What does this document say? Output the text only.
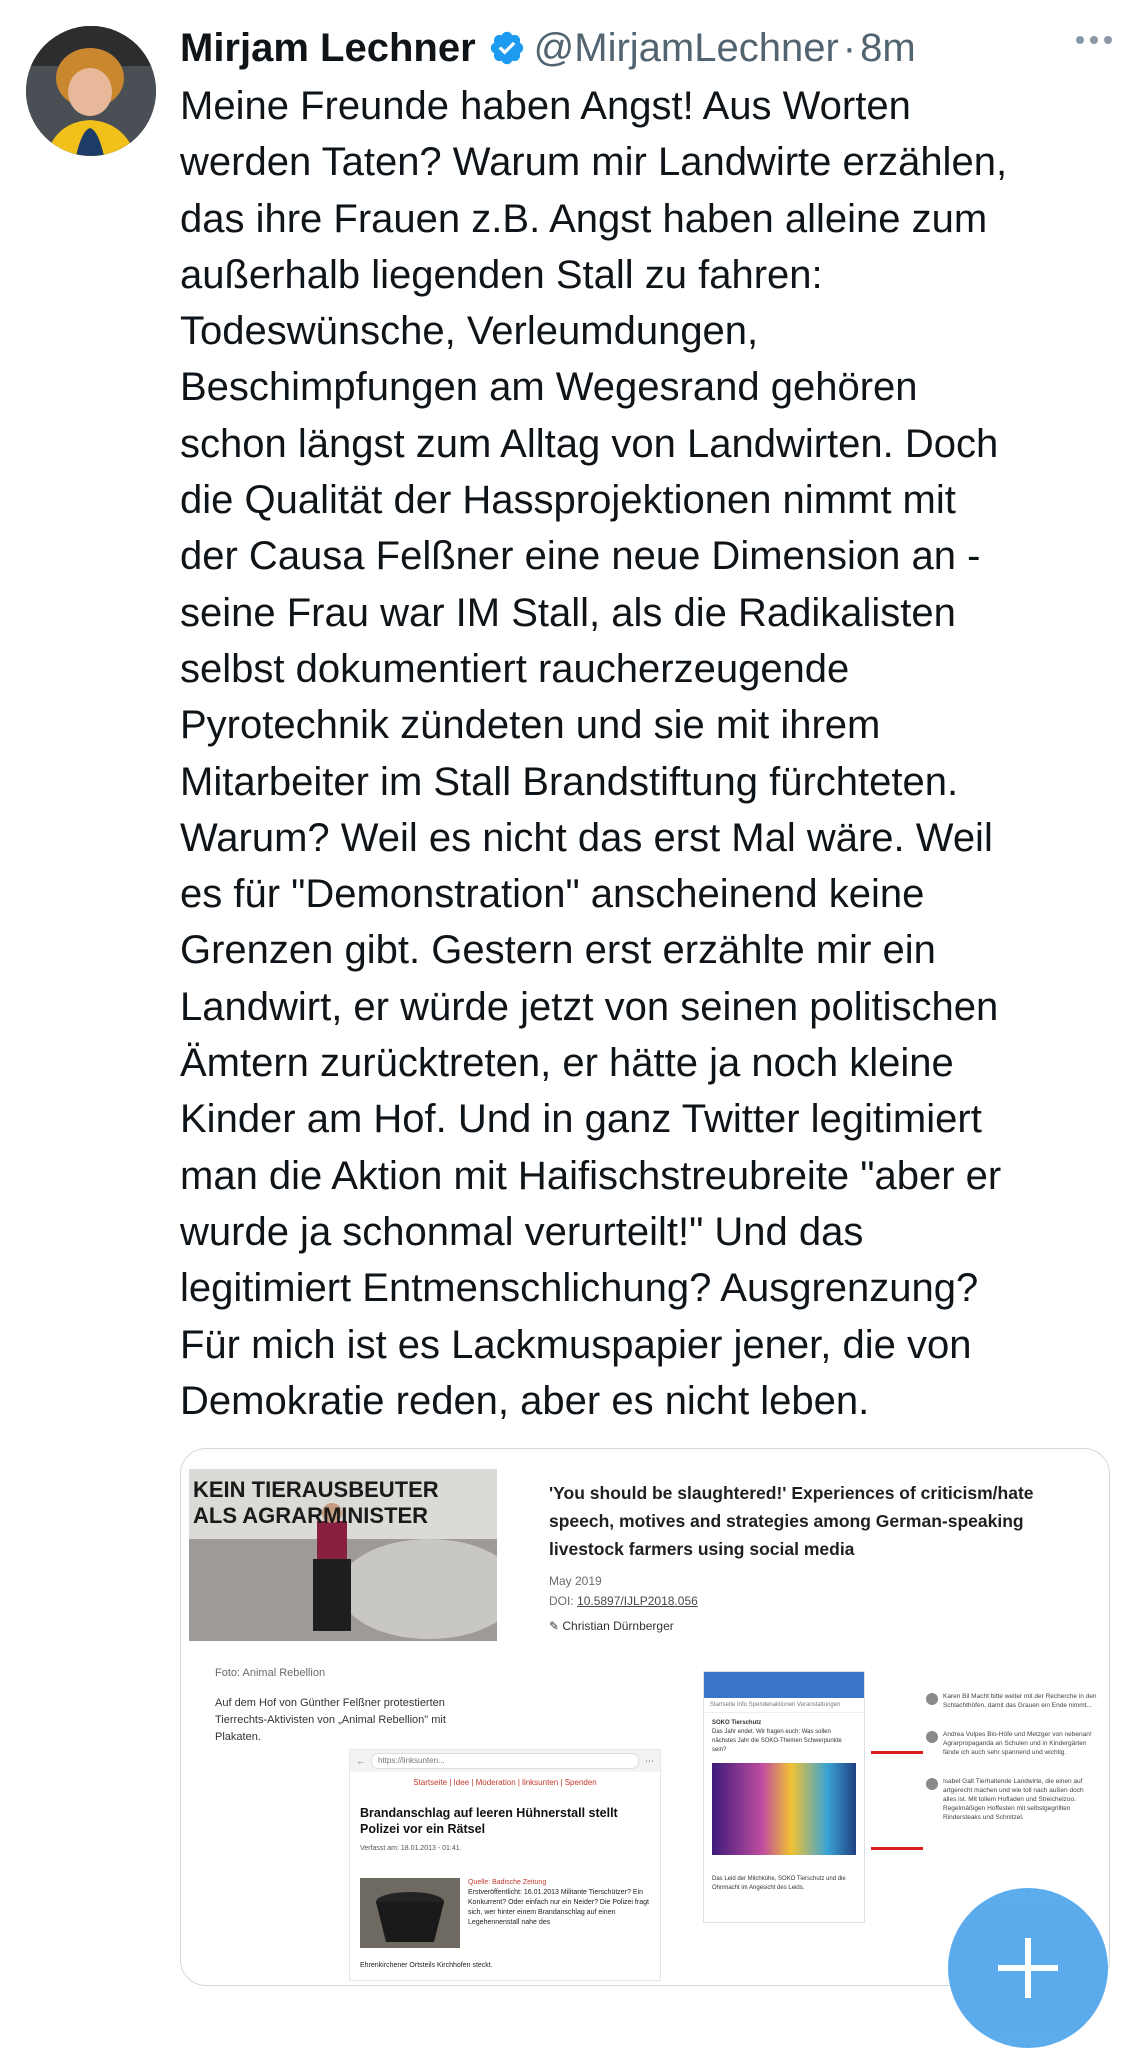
Mirjam Lechner @MirjamLechner · 8m
Meine Freunde haben Angst! Aus Worten
werden Taten? Warum mir Landwirte erzählen,
das ihre Frauen z.B. Angst haben alleine zum
außerhalb liegenden Stall zu fahren:
Todeswünsche, Verleumdungen,
Beschimpfungen am Wegesrand gehören
schon längst zum Alltag von Landwirten. Doch
die Qualität der Hassprojektionen nimmt mit
der Causa Felßner eine neue Dimension an -
seine Frau war IM Stall, als die Radikalisten
selbst dokumentiert raucherzeugende
Pyrotechnik zündeten und sie mit ihrem
Mitarbeiter im Stall Brandstiftung fürchteten.
Warum? Weil es nicht das erst Mal wäre. Weil
es für "Demonstration" anscheinend keine
Grenzen gibt. Gestern erst erzählte mir ein
Landwirt, er würde jetzt von seinen politischen
Ämtern zurücktreten, er hätte ja noch kleine
Kinder am Hof. Und in ganz Twitter legitimiert
man die Aktion mit Haifischstreubreite "aber er
wurde ja schonmal verurteilt!" Und das
legitimiert Entmenschlichung? Ausgrenzung?
Für mich ist es Lackmuspapier jener, die von
Demokratie reden, aber es nicht leben.
KEIN TIERAUSBEUTER
ALS AGRARMINISTER
'You should be slaughtered!' Experiences of criticism/hate speech, motives and strategies among German-speaking livestock farmers using social media
May 2019
DOI: 10.5897/IJLP2018.056
✎ Christian Dürnberger
Foto: Animal Rebellion
Auf dem Hof von Günther Felßner protestierten Tierrechts-Aktivisten von „Animal Rebellion" mit Plakaten.
←	https://linksunten...	⋯
Startseite | Idee | Moderation | linksunten | Spenden
Brandanschlag auf leeren Hühnerstall stellt Polizei vor ein Rätsel
Verfasst am: 18.01.2013 - 01:41.
Quelle: Badische Zeitung
Erstveröffentlicht: 16.01.2013 Militante Tierschützer? Ein Konkurrent? Oder einfach nur ein Neider? Die Polizei fragt sich, wer hinter einem Brandanschlag auf einen Legehennenstall nahe des
Ehrenkirchener Ortsteils Kirchhofen steckt.
Startseite Info Spendenaktionen Veranstaltungen
SOKO Tierschutz
Das Jahr endet. Wir fragen euch: Was sollen nächstes Jahr die SOKO-Themen Schwerpunkte sein?
Das Leid der Milchkühe, SOKO Tierschutz und die Ohnmacht im Angesicht des Leids.
Karen Bil Macht bitte weiter mit der Recherche in den Schlachthöfen, damit das Grauen ein Ende nimmt...
Andrea Vulpes Bio-Höfe und Metzger von nebenan! Agrarpropaganda an Schulen und in Kindergärten fände ich auch sehr spannend und wichtig.
Isabel Galt Tierhaltende Landwirte, die einen auf artgerecht machen und wie toll nach außen doch alles ist. Mit tollem Hofladen und Streichelzoo. Regelmäßigen Hoffesten mit selbstgegrillten Rindersteaks und Schnitzel.
